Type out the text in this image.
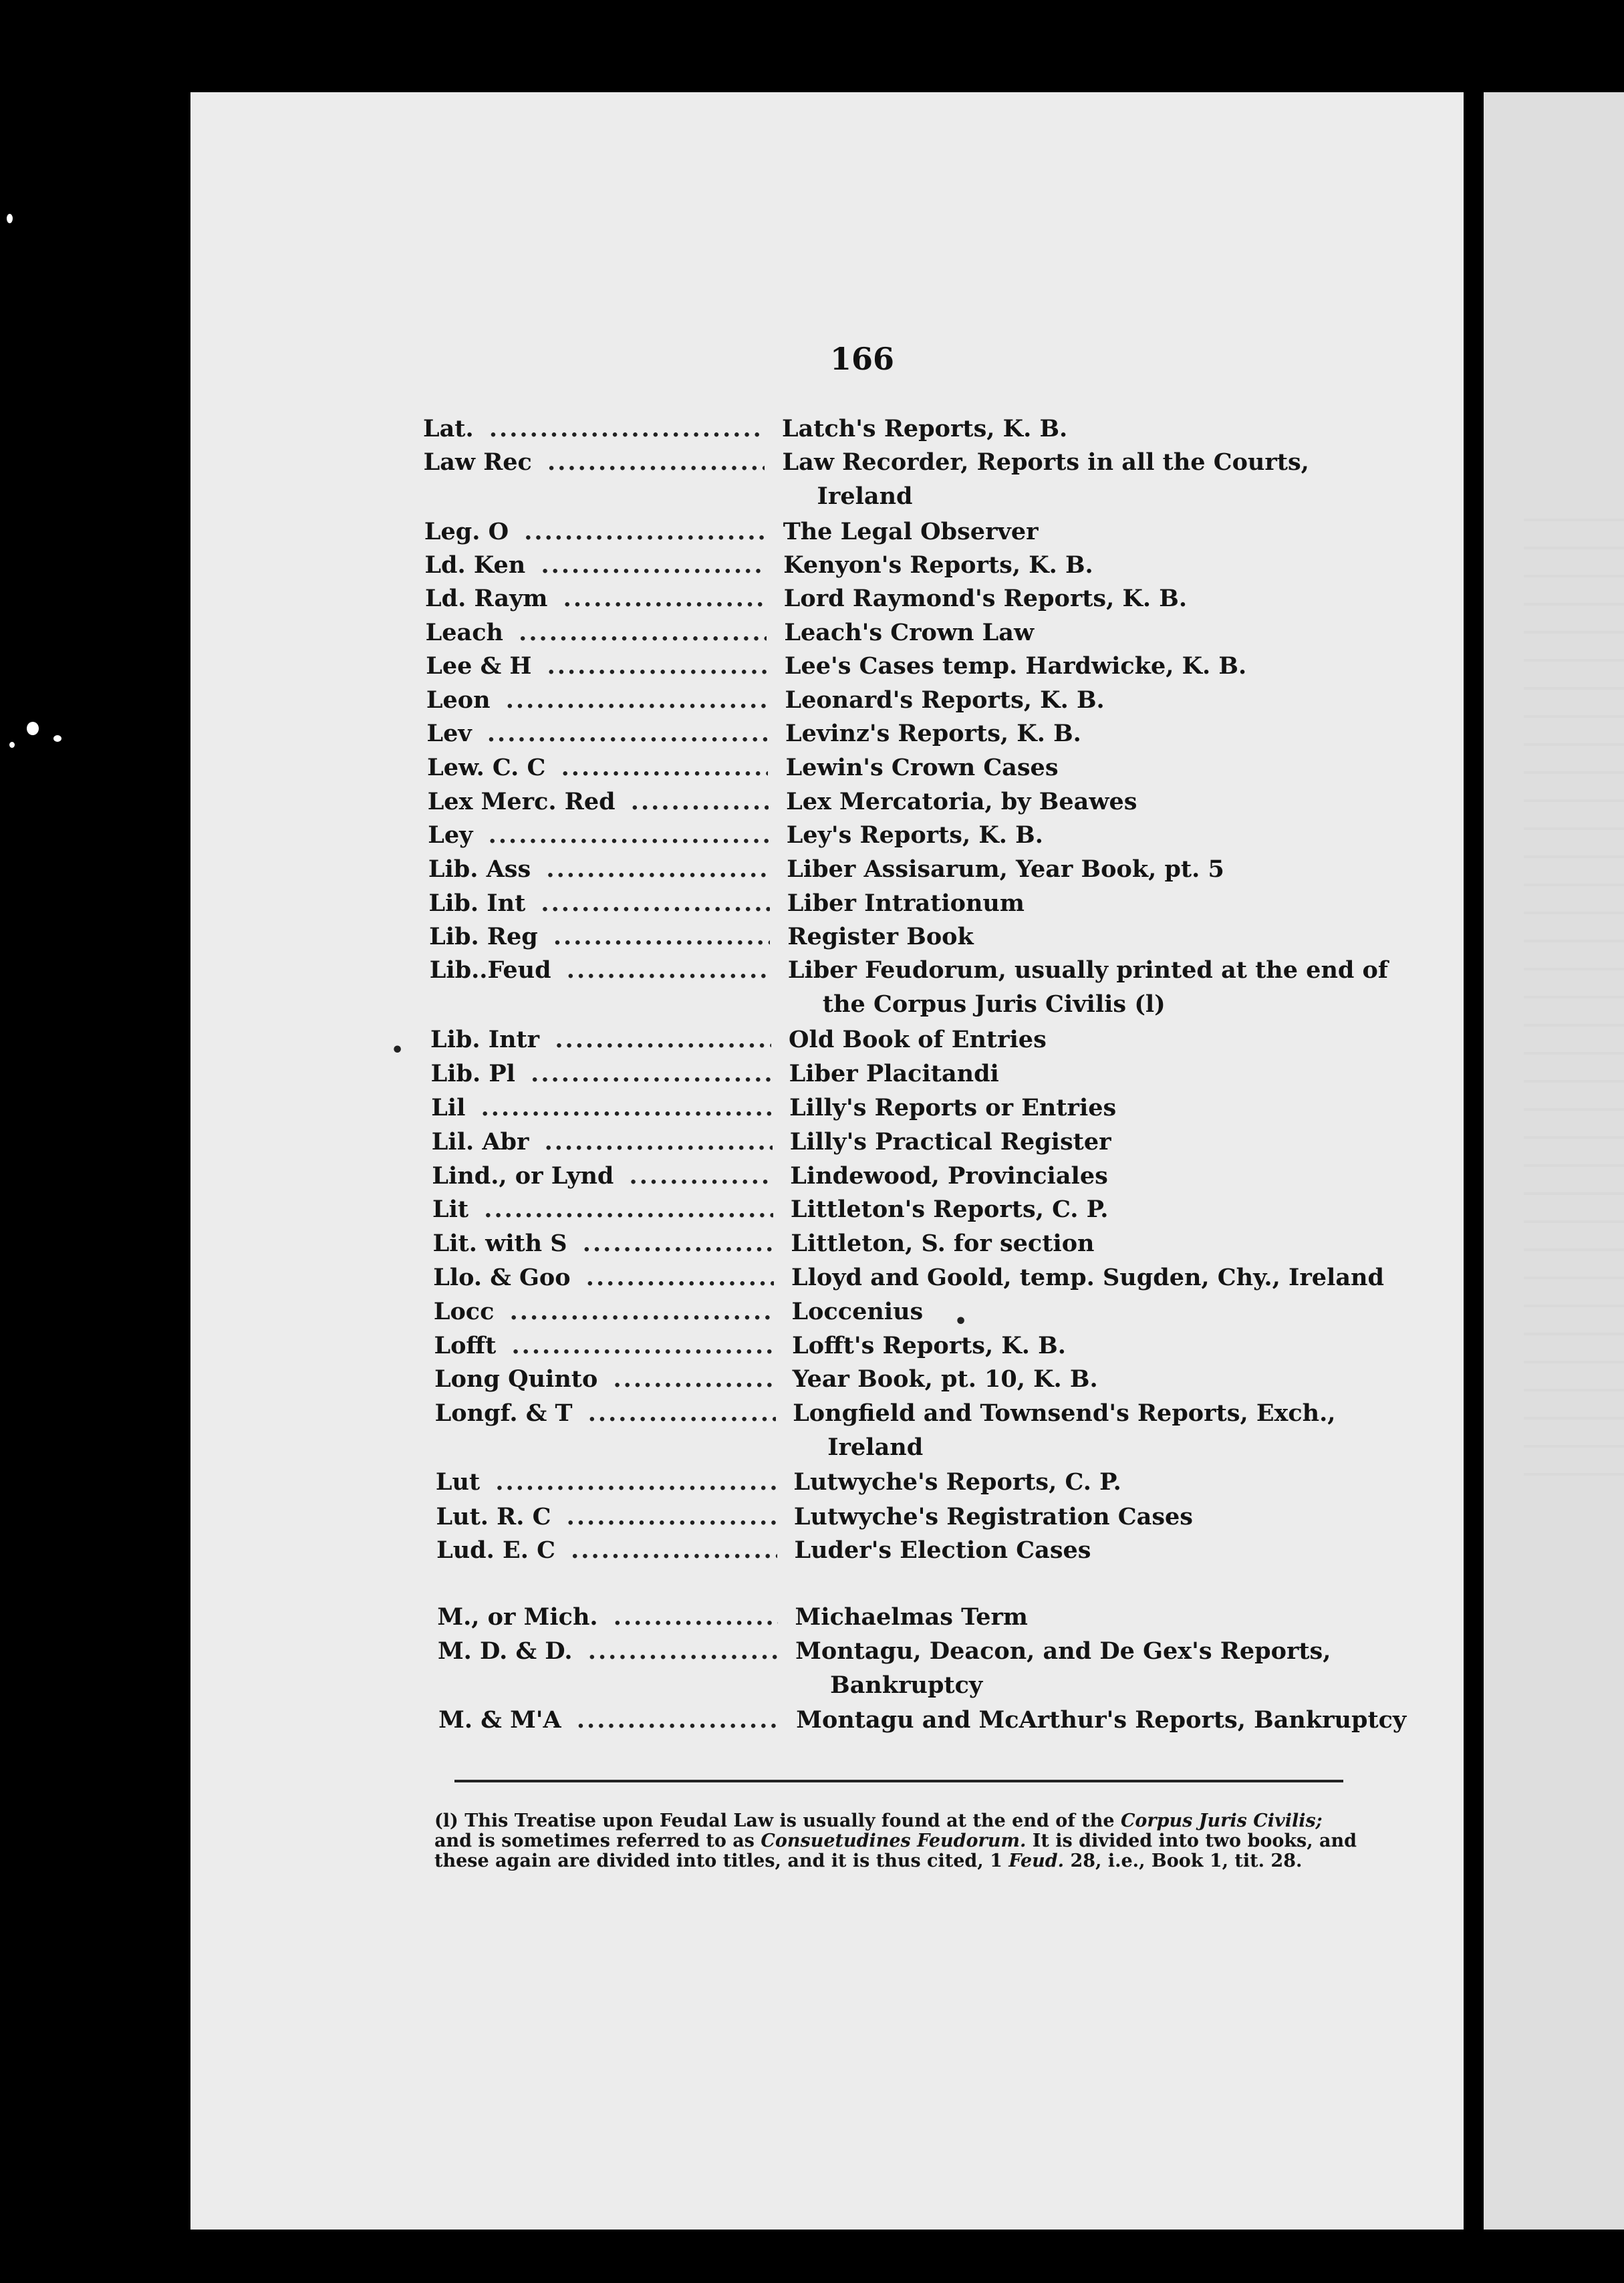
166
Lat. .....	Latch's Reports, K. B.
Law Rec .....	Law Recorder, Reports in all the Courts,
Ireland
Leg. O .....	The Legal Observer
Ld. Ken .....	Kenyon's Reports, K. B.
Ld. Raym .....	Lord Raymond's Reports, K. B.
Leach .....	Leach's Crown Law
Lee & H .....	Lee's Cases temp. Hardwicke, K. B.
Leon .....	Leonard's Reports, K. B.
Lev .....	Levinz's Reports, K. B.
Lew. C. C .....	Lewin's Crown Cases
Lex Merc. Red .....	Lex Mercatoria, by Beawes
Ley .....	Ley's Reports, K. B.
Lib. Ass .....	Liber Assisarum, Year Book, pt. 5
Lib. Int .....	Liber Intrationum
Lib. Reg .....	Register Book
Lib..Feud .....	Liber Feudorum, usually printed at the end of
the Corpus Juris Civilis (l)
Lib. Intr .....	Old Book of Entries
Lib. Pl .....	Liber Placitandi
Lil .....	Lilly's Reports or Entries
Lil. Abr .....	Lilly's Practical Register
Lind., or Lynd .....	Lindewood, Provinciales
Lit .....	Littleton's Reports, C. P.
Lit. with S .....	Littleton, S. for section
Llo. & Goo .....	Lloyd and Goold, temp. Sugden, Chy., Ireland
Locc .....	Loccenius
Lofft .....	Lofft's Reports, K. B.
Long Quinto .....	Year Book, pt. 10, K. B.
Longf. & T .....	Longfield and Townsend's Reports, Exch.,
Ireland
Lut .....	Lutwyche's Reports, C. P.
Lut. R. C .....	Lutwyche's Registration Cases
Lud. E. C .....	Luder's Election Cases
M., or Mich. .....	Michaelmas Term
M. D. & D. .....	Montagu, Deacon, and De Gex's Reports,
Bankruptcy
M. & M'A .....	Montagu and McArthur's Reports, Bankruptcy
•
•

(l) This Treatise upon Feudal Law is usually found at the end of the Corpus Juris Civilis;

and is sometimes referred to as Consuetudines Feudorum. It is divided into two books, and

these again are divided into titles, and it is thus cited, 1 Feud. 28, i.e., Book 1, tit. 28.
